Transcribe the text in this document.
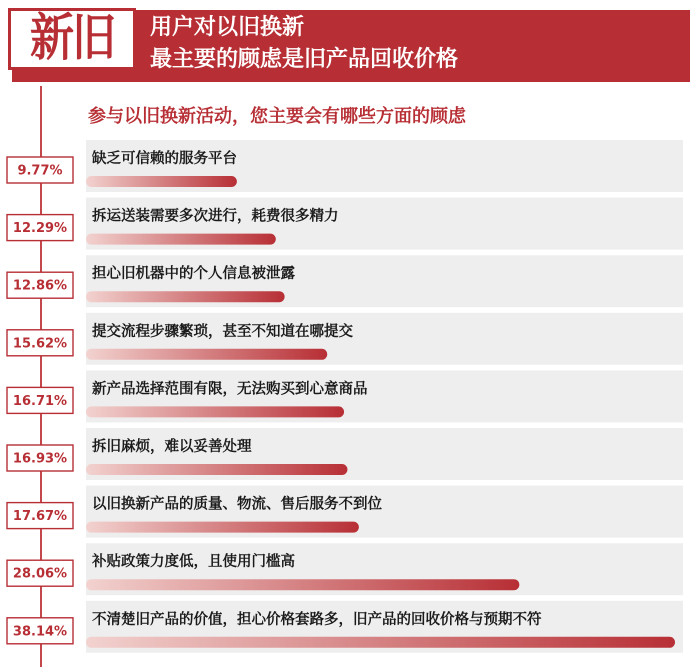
新旧 用户对以旧换新
最主要的顾虑是旧产品回收价格
参与以旧换新活动，您主要会有哪些方面的顾虑
缺乏可信赖的服务平台
9.77%
拆运送装需要多次进行，耗费很多精力
12.29%
担心旧机器中的个人信息被泄露
12.86%
提交流程步骤繁琐，甚至不知道在哪提交
15.62%
新产品选择范围有限，无法购买到心意商品
16.71%
拆旧麻烦，难以妥善处理
16.93%
以旧换新产品的质量、物流、售后服务不到位
17.67%
补贴政策力度低，且使用门槛高
28.06%
不清楚旧产品的价值，担心价格套路多，旧产品的回收价格与预期不符
38.14%
